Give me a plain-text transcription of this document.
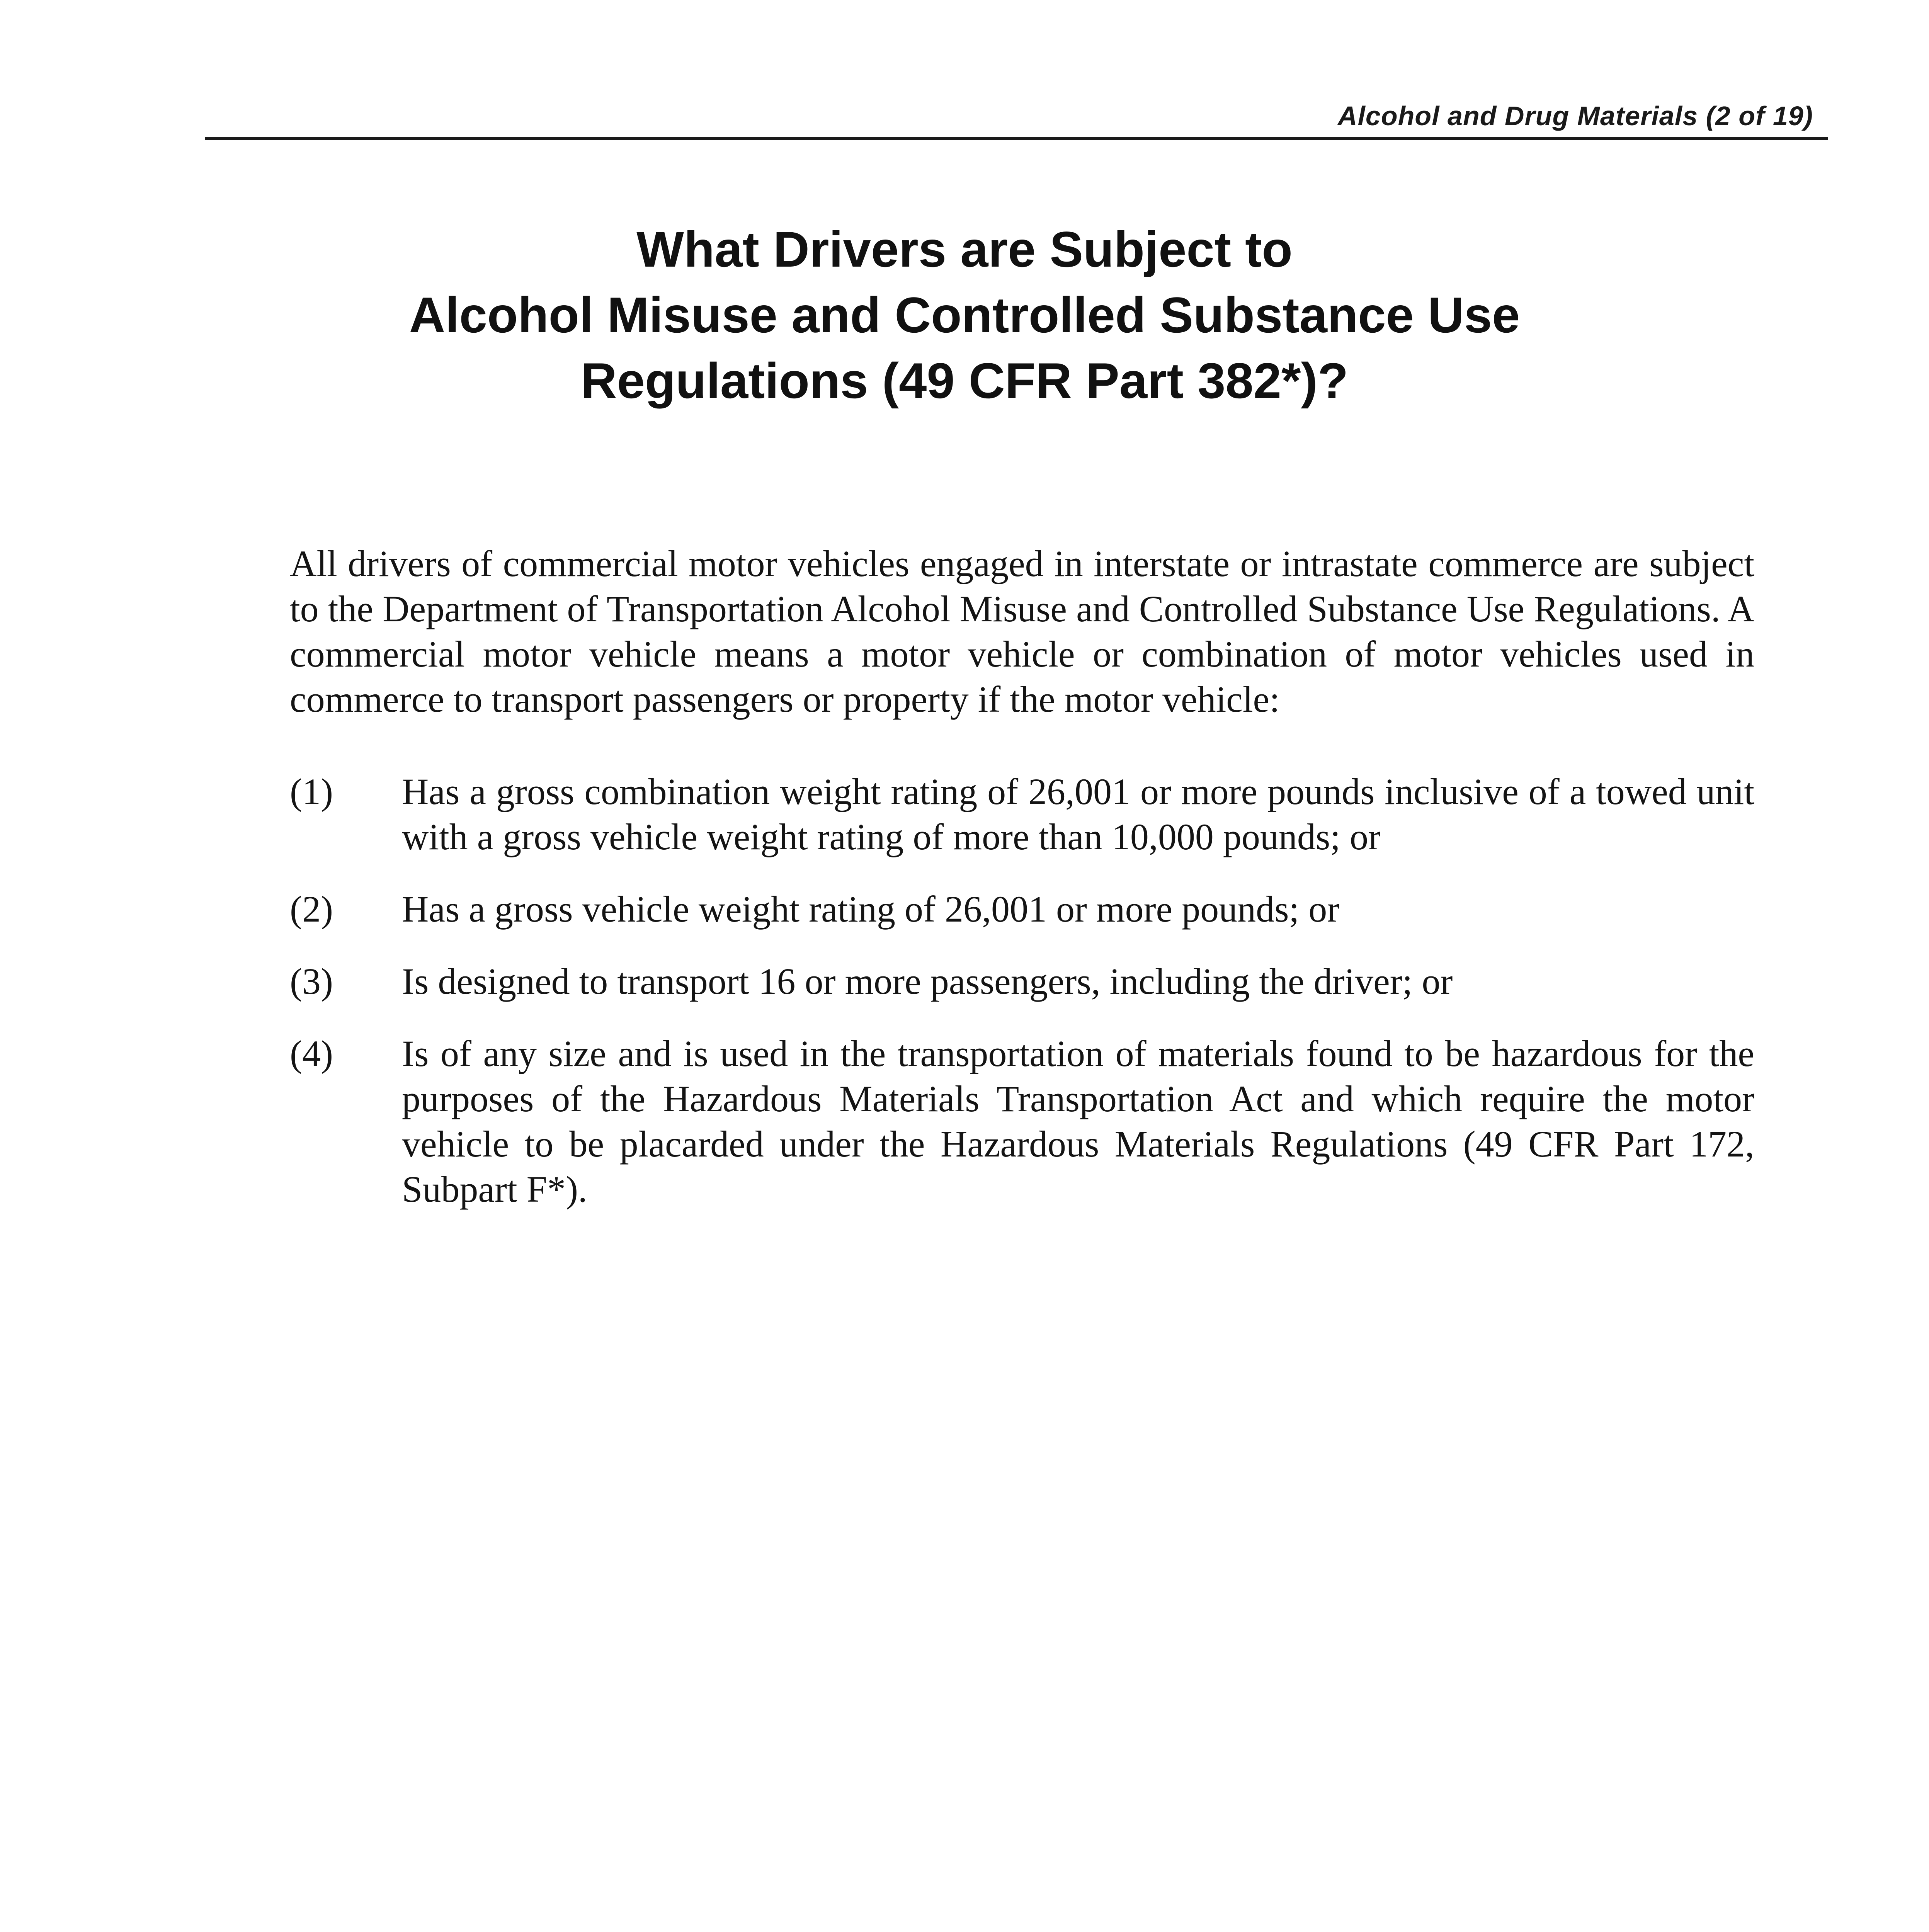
Alcohol and Drug Materials (2 of 19)
What Drivers are Subject to
Alcohol Misuse and Controlled Substance Use
Regulations (49 CFR Part 382*)?
All drivers of commercial motor vehicles engaged in interstate or intrastate commerce are subject to the Department of Transportation Alcohol Misuse and Controlled Substance Use Regulations. A commercial motor vehicle means a motor vehicle or combination of motor vehicles used in commerce to transport passengers or property if the motor vehicle:
(1) Has a gross combination weight rating of 26,001 or more pounds inclusive of a towed unit with a gross vehicle weight rating of more than 10,000 pounds; or
(2) Has a gross vehicle weight rating of 26,001 or more pounds; or
(3) Is designed to transport 16 or more passengers, including the driver; or
(4) Is of any size and is used in the transportation of materials found to be hazardous for the purposes of the Hazardous Materials Transportation Act and which require the motor vehicle to be placarded under the Hazardous Materials Regulations (49 CFR Part 172, Subpart F*).
